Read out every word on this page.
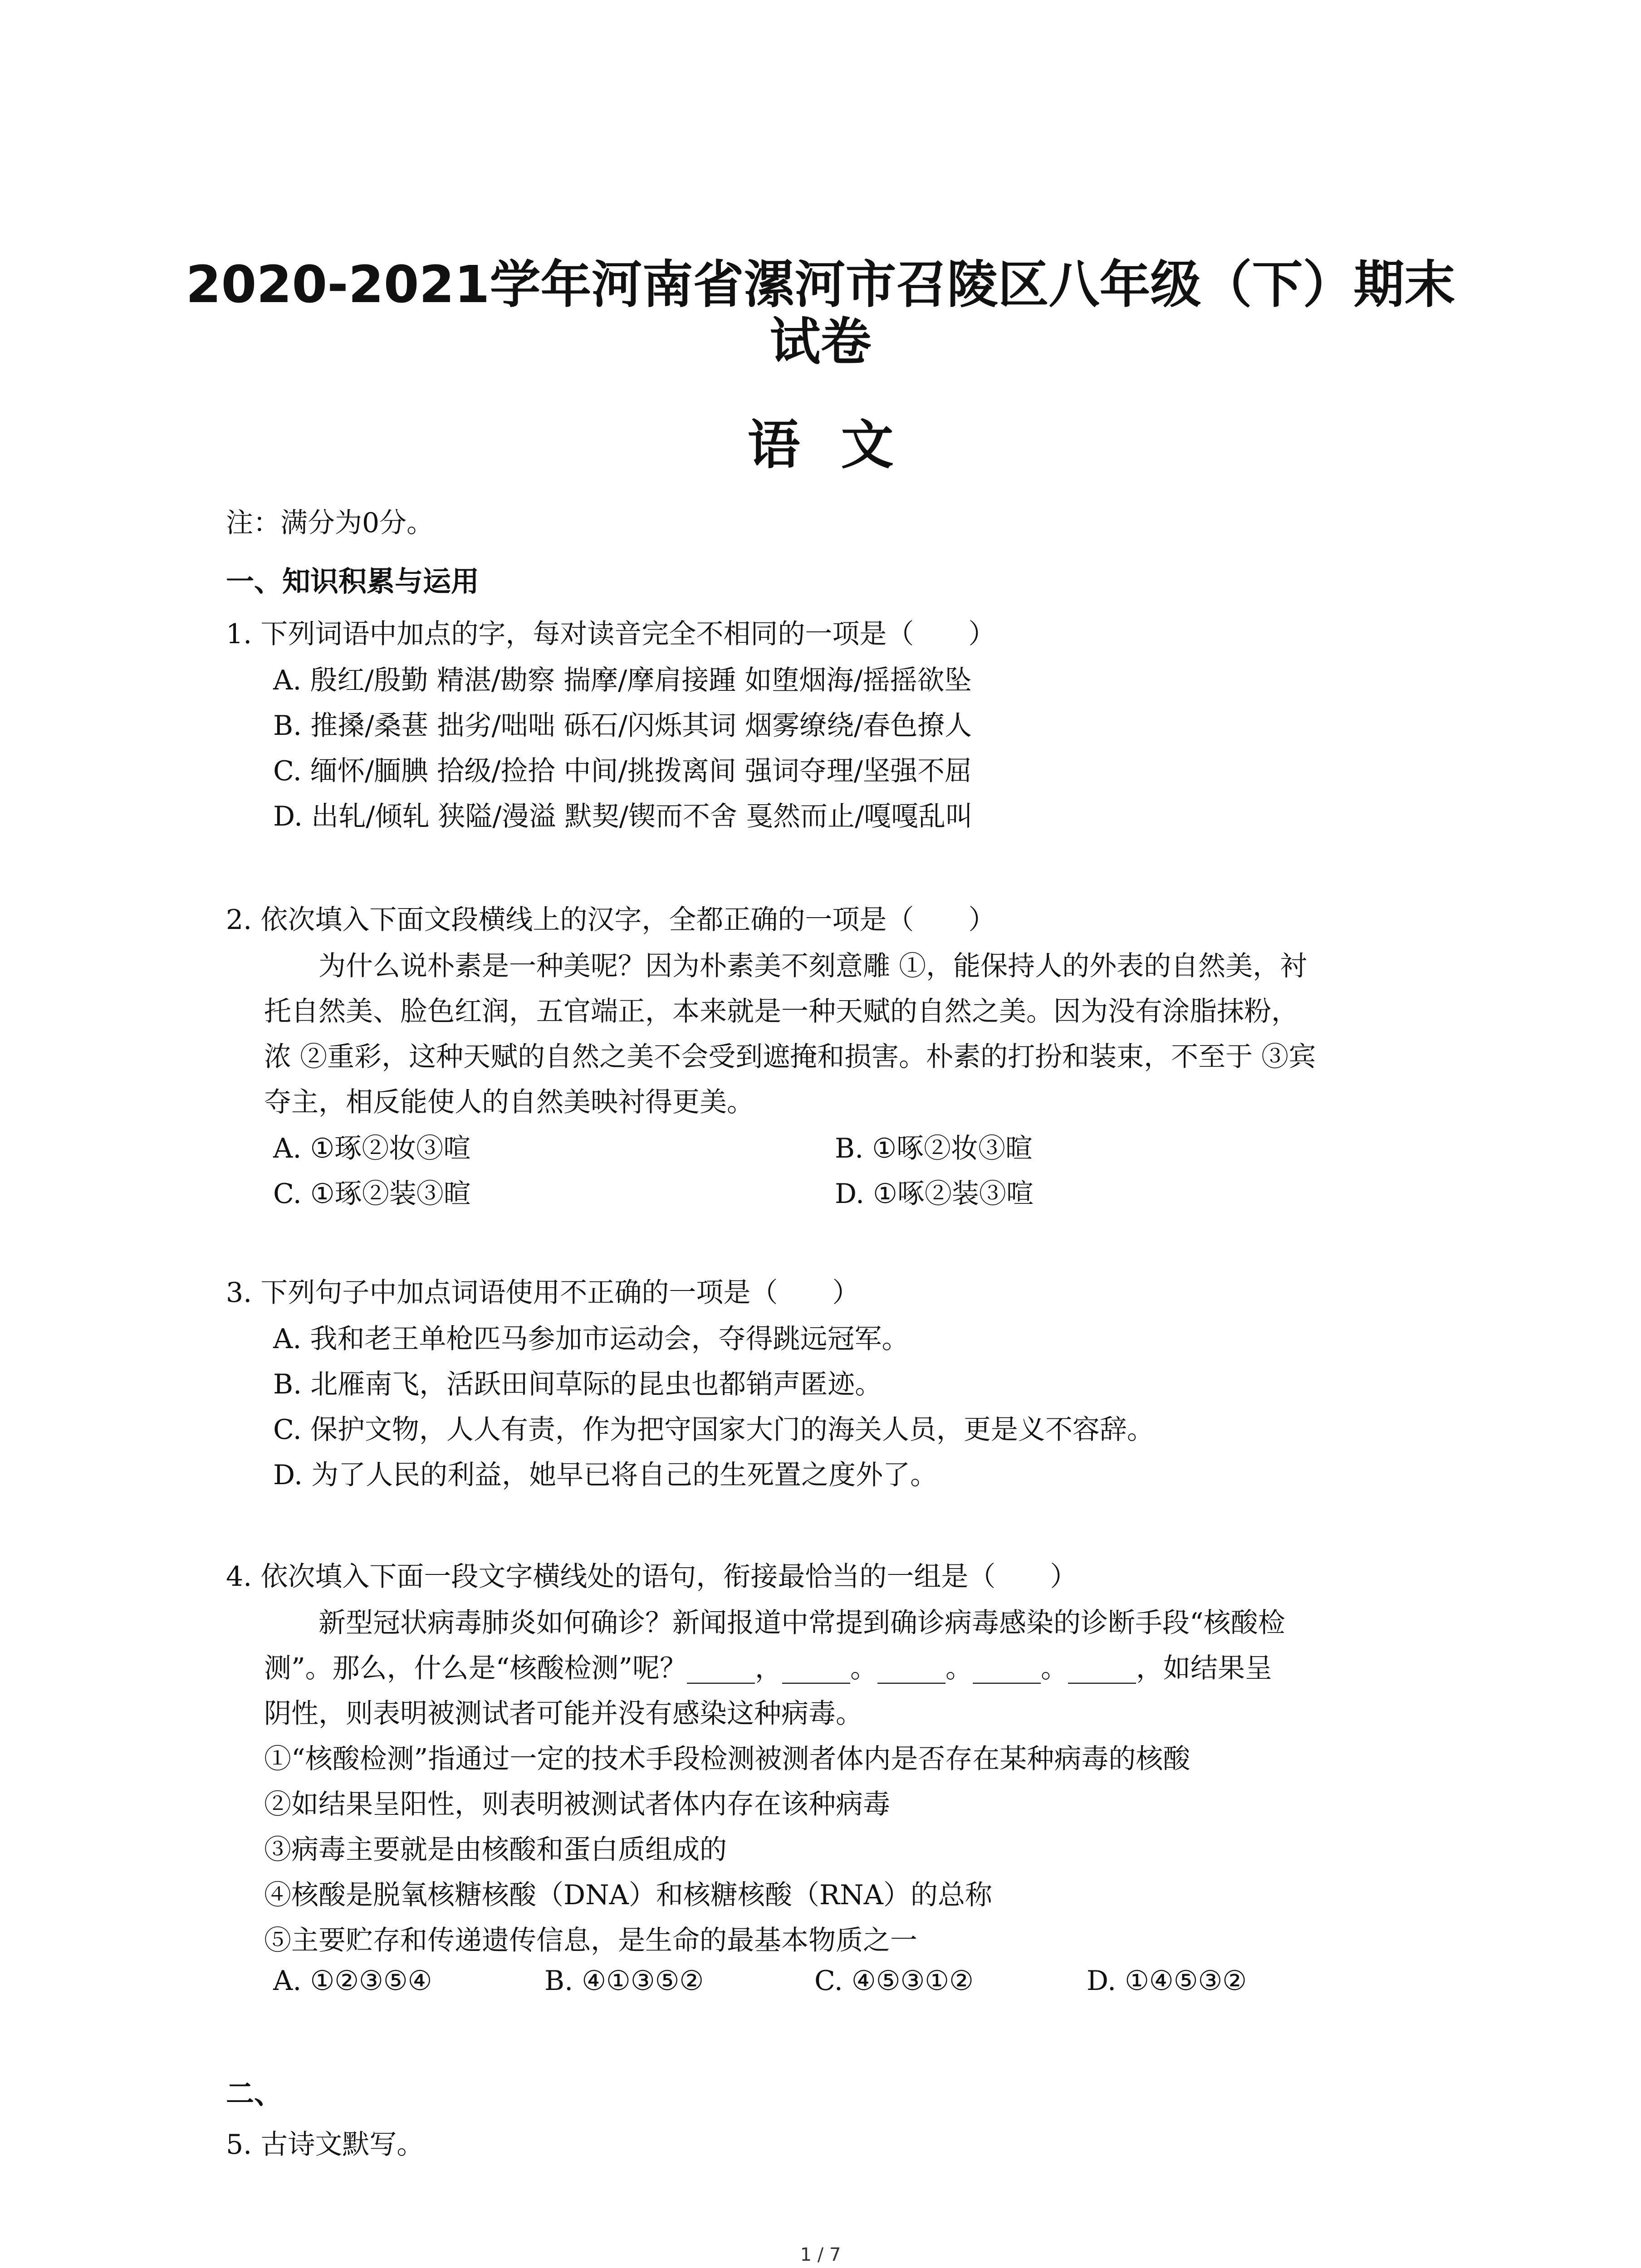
2020-2021学年河南省漯河市召陵区八年级（下）期末
试卷
语文
注：满分为0分。
一、知识积累与运用
1. 下列词语中加点的字，每对读音完全不相同的一项是（　　）
A. 殷红/殷勤 精湛/勘察 揣摩/摩肩接踵 如堕烟海/摇摇欲坠
B. 推搡/桑葚 拙劣/咄咄 砾石/闪烁其词 烟雾缭绕/春色撩人
C. 缅怀/腼腆 拾级/捡拾 中间/挑拨离间 强词夺理/坚强不屈
D. 出轧/倾轧 狭隘/漫溢 默契/锲而不舍 戛然而止/嘎嘎乱叫
2. 依次填入下面文段横线上的汉字，全都正确的一项是（　　）
　　为什么说朴素是一种美呢？因为朴素美不刻意雕 ①，能保持人的外表的自然美，衬
托自然美、脸色红润，五官端正，本来就是一种天赋的自然之美。因为没有涂脂抹粉，
浓 ②重彩，这种天赋的自然之美不会受到遮掩和损害。朴素的打扮和装束，不至于 ③宾
夺主，相反能使人的自然美映衬得更美。
A. ①琢②妆③喧	B. ①啄②妆③暄
C. ①琢②装③暄	D. ①啄②装③喧
3. 下列句子中加点词语使用不正确的一项是（　　）
A. 我和老王单枪匹马参加市运动会，夺得跳远冠军。
B. 北雁南飞，活跃田间草际的昆虫也都销声匿迹。
C. 保护文物，人人有责，作为把守国家大门的海关人员，更是义不容辞。
D. 为了人民的利益，她早已将自己的生死置之度外了。
4. 依次填入下面一段文字横线处的语句，衔接最恰当的一组是（　　）
　　新型冠状病毒肺炎如何确诊？新闻报道中常提到确诊病毒感染的诊断手段“核酸检
测”。那么，什么是“核酸检测”呢？_____，_____。_____。_____。_____，如结果呈
阴性，则表明被测试者可能并没有感染这种病毒。
①“核酸检测”指通过一定的技术手段检测被测者体内是否存在某种病毒的核酸
②如结果呈阳性，则表明被测试者体内存在该种病毒
③病毒主要就是由核酸和蛋白质组成的
④核酸是脱氧核糖核酸（DNA）和核糖核酸（RNA）的总称
⑤主要贮存和传递遗传信息，是生命的最基本物质之一
A. ①②③⑤④	B. ④①③⑤②	C. ④⑤③①②	D. ①④⑤③②
二、
5. 古诗文默写。
1 / 7
